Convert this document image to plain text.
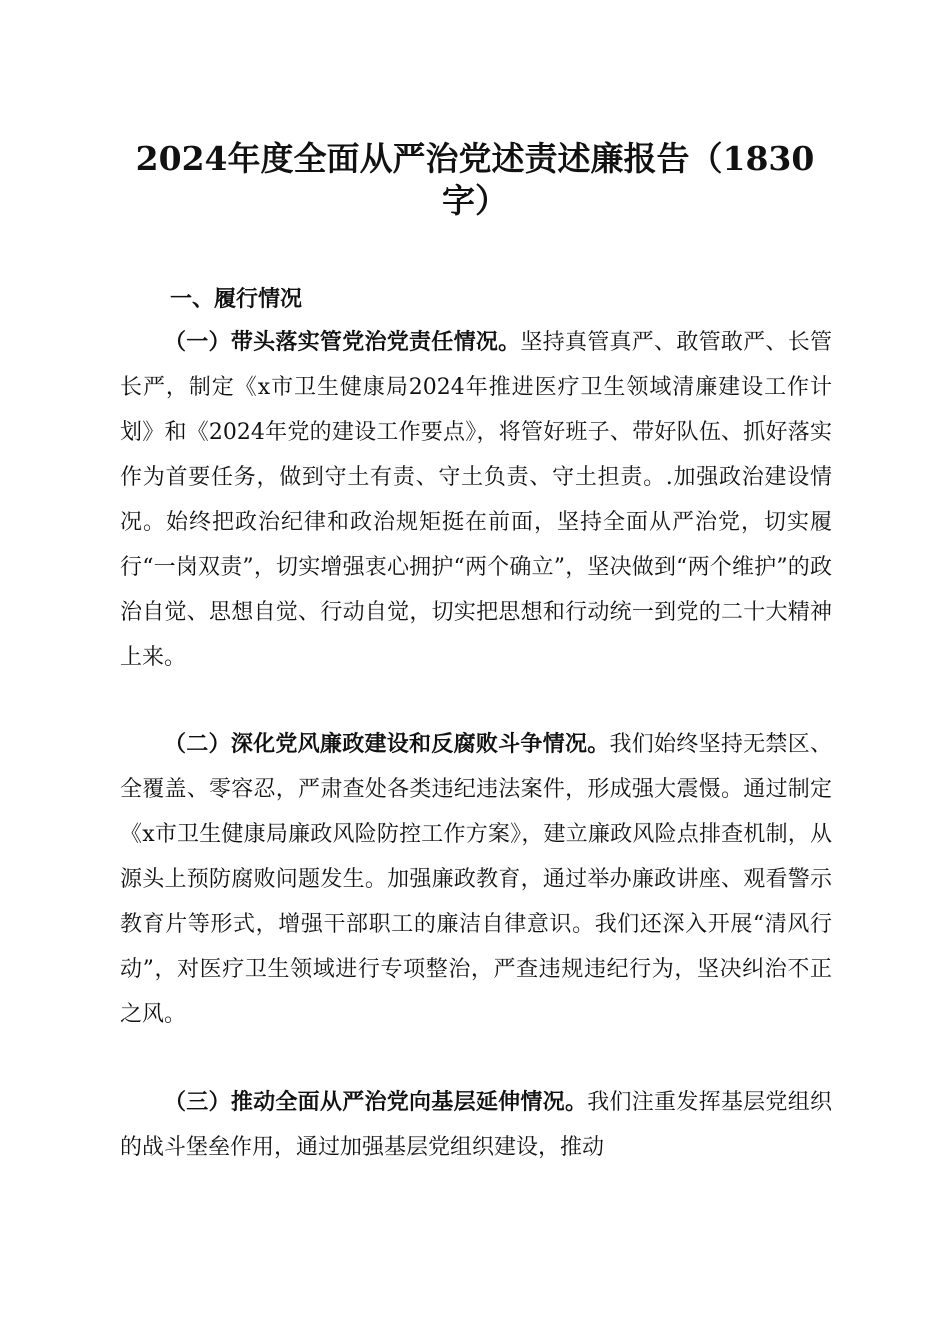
2024年度全面从严治党述责述廉报告（1830字）
一、履行情况

（一）带头落实管党治党责任情况。坚持真管真严、敢管敢严、长管长严，制定《x市卫生健康局2024年推进医疗卫生领域清廉建设工作计划》和《2024年党的建设工作要点》，将管好班子、带好队伍、抓好落实作为首要任务，做到守土有责、守土负责、守土担责。.加强政治建设情况。始终把政治纪律和政治规矩挺在前面，坚持全面从严治党，切实履行“一岗双责”，切实增强衷心拥护“两个确立”，坚决做到“两个维护”的政治自觉、思想自觉、行动自觉，切实把思想和行动统一到党的二十大精神上来。

（二）深化党风廉政建设和反腐败斗争情况。我们始终坚持无禁区、全覆盖、零容忍，严肃查处各类违纪违法案件，形成强大震慑。通过制定《x市卫生健康局廉政风险防控工作方案》，建立廉政风险点排查机制，从源头上预防腐败问题发生。加强廉政教育，通过举办廉政讲座、观看警示教育片等形式，增强干部职工的廉洁自律意识。我们还深入开展“清风行动”，对医疗卫生领域进行专项整治，严查违规违纪行为，坚决纠治不正之风。

（三）推动全面从严治党向基层延伸情况。我们注重发挥基层党组织的战斗堡垒作用，通过加强基层党组织建设，推动
